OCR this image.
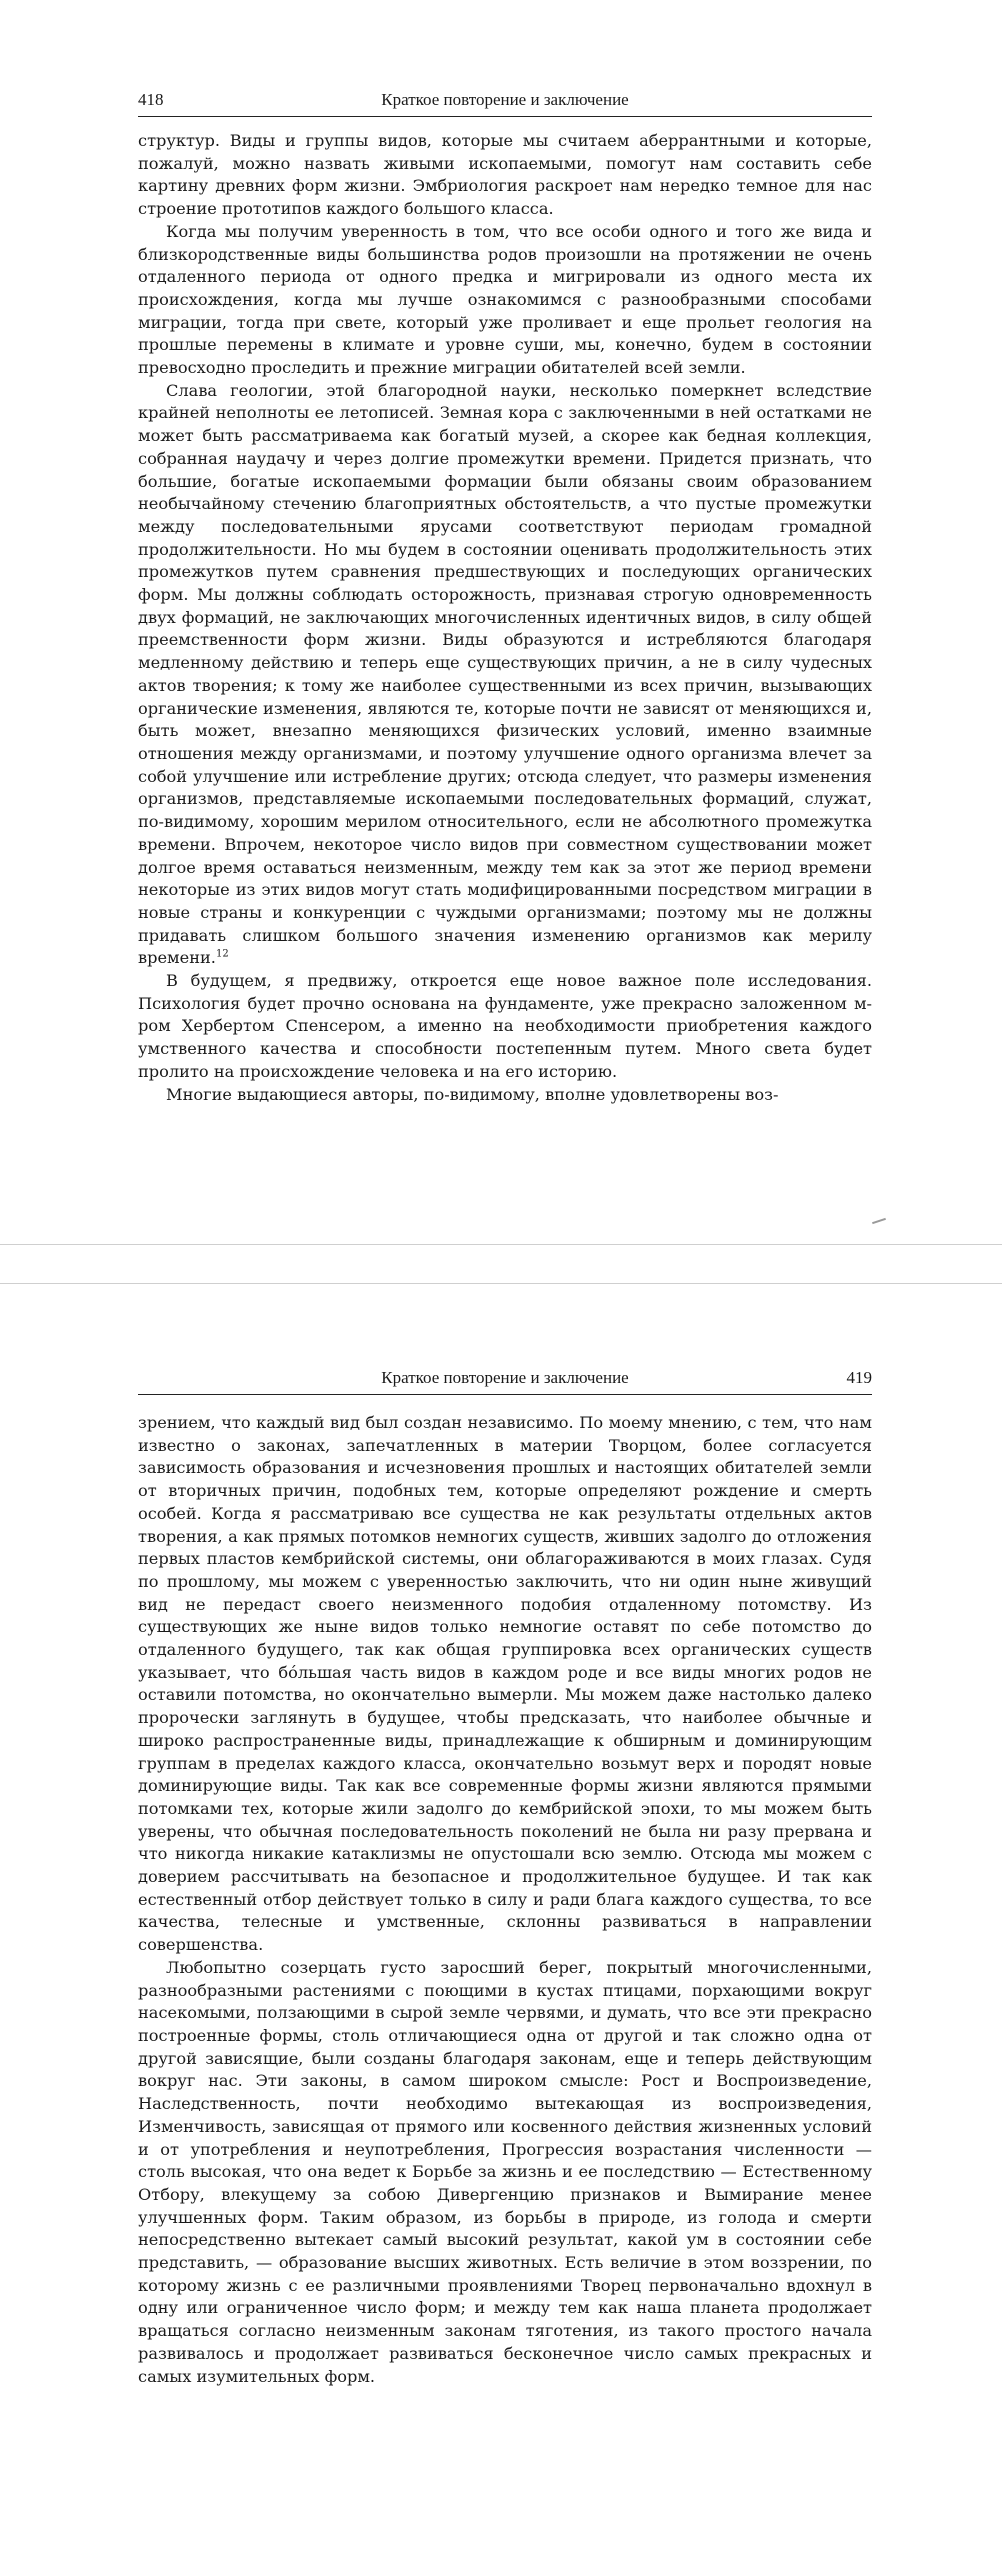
418	Краткое повторение и заключение

структур. Виды и группы видов, которые мы считаем аберрантными и которые, пожалуй, можно назвать живыми ископаемыми, помогут нам составить себе картину древних форм жизни. Эмбриология раскроет нам нередко темное для нас строение прототипов каждого большого класса.

Когда мы получим уверенность в том, что все особи одного и того же вида и близкородственные виды большинства родов произошли на протяжении не очень отдаленного периода от одного предка и мигрировали из одного места их происхождения, когда мы лучше ознакомимся с разнообразными способами миграции, тогда при свете, который уже проливает и еще прольет геология на прошлые перемены в климате и уровне суши, мы, конечно, будем в состоянии превосходно проследить и прежние миграции обитателей всей земли.

Слава геологии, этой благородной науки, несколько померкнет вследствие крайней неполноты ее летописей. Земная кора с заключенными в ней остатками не может быть рассматриваема как богатый музей, а скорее как бедная коллекция, собранная наудачу и через долгие промежутки времени. Придется признать, что большие, богатые ископаемыми формации были обязаны своим образованием необычайному стечению благоприятных обстоятельств, а что пустые промежутки между последовательными ярусами соответствуют периодам громадной продолжительности. Но мы будем в состоянии оценивать продолжительность этих промежутков путем сравнения предшествующих и последующих органических форм. Мы должны соблюдать осторожность, признавая строгую одновременность двух формаций, не заключающих многочисленных идентичных видов, в силу общей преемственности форм жизни. Виды образуются и истребляются благодаря медленному действию и теперь еще существующих причин, а не в силу чудесных актов творения; к тому же наиболее существенными из всех причин, вызывающих органические изменения, являются те, которые почти не зависят от меняющихся и, быть может, внезапно меняющихся физических условий, именно взаимные отношения между организмами, и поэтому улучшение одного организма влечет за собой улучшение или истребление других; отсюда следует, что размеры изменения организмов, представляемые ископаемыми последовательных формаций, служат, по-видимому, хорошим мерилом относительного, если не абсолютного промежутка времени. Впрочем, некоторое число видов при совместном существовании может долгое время оставаться неизменным, между тем как за этот же период времени некоторые из этих видов могут стать модифицированными посредством миграции в новые страны и конкуренции с чуждыми организмами; поэтому мы не должны придавать слишком большого значения изменению организмов как мерилу времени.$^{12}$

В будущем, я предвижу, откроется еще новое важное поле исследования. Психология будет прочно основана на фундаменте, уже прекрасно заложенном м-ром Хербертом Спенсером, а именно на необходимости приобретения каждого умственного качества и способности постепенным путем. Много света будет пролито на происхождение человека и на его историю.

Многие выдающиеся авторы, по-видимому, вполне удовлетворены воз-

Краткое повторение и заключение	419

зрением, что каждый вид был создан независимо. По моему мнению, с тем, что нам известно о законах, запечатленных в материи Творцом, более согласуется зависимость образования и исчезновения прошлых и настоящих обитателей земли от вторичных причин, подобных тем, которые определяют рождение и смерть особей. Когда я рассматриваю все существа не как результаты отдельных актов творения, а как прямых потомков немногих существ, живших задолго до отложения первых пластов кембрийской системы, они облагораживаются в моих глазах. Судя по прошлому, мы можем с уверенностью заключить, что ни один ныне живущий вид не передаст своего неизменного подобия отдаленному потомству. Из существующих же ныне видов только немногие оставят по себе потомство до отдаленного будущего, так как общая группировка всех органических существ указывает, что бо́льшая часть видов в каждом роде и все виды многих родов не оставили потомства, но окончательно вымерли. Мы можем даже настолько далеко пророчески заглянуть в будущее, чтобы предсказать, что наиболее обычные и широко распространенные виды, принадлежащие к обширным и доминирующим группам в пределах каждого класса, окончательно возьмут верх и породят новые доминирующие виды. Так как все современные формы жизни являются прямыми потомками тех, которые жили задолго до кембрийской эпохи, то мы можем быть уверены, что обычная последовательность поколений не была ни разу прервана и что никогда никакие катаклизмы не опустошали всю землю. Отсюда мы можем с доверием рассчитывать на безопасное и продолжительное будущее. И так как естественный отбор действует только в силу и ради блага каждого существа, то все качества, телесные и умственные, склонны развиваться в направлении совершенства.

Любопытно созерцать густо заросший берег, покрытый многочисленными, разнообразными растениями с поющими в кустах птицами, порхающими вокруг насекомыми, ползающими в сырой земле червями, и думать, что все эти прекрасно построенные формы, столь отличающиеся одна от другой и так сложно одна от другой зависящие, были созданы благодаря законам, еще и теперь действующим вокруг нас. Эти законы, в самом широком смысле: Рост и Воспроизведение, Наследственность, почти необходимо вытекающая из воспроизведения, Изменчивость, зависящая от прямого или косвенного действия жизненных условий и от употребления и неупотребления, Прогрессия возрастания численности — столь высокая, что она ведет к Борьбе за жизнь и ее последствию — Естественному Отбору, влекущему за собою Дивергенцию признаков и Вымирание менее улучшенных форм. Таким образом, из борьбы в природе, из голода и смерти непосредственно вытекает самый высокий результат, какой ум в состоянии себе представить, — образование высших животных. Есть величие в этом воззрении, по которому жизнь с ее различными проявлениями Творец первоначально вдохнул в одну или ограниченное число форм; и между тем как наша планета продолжает вращаться согласно неизменным законам тяготения, из такого простого начала развивалось и продолжает развиваться бесконечное число самых прекрасных и самых изумительных форм.
